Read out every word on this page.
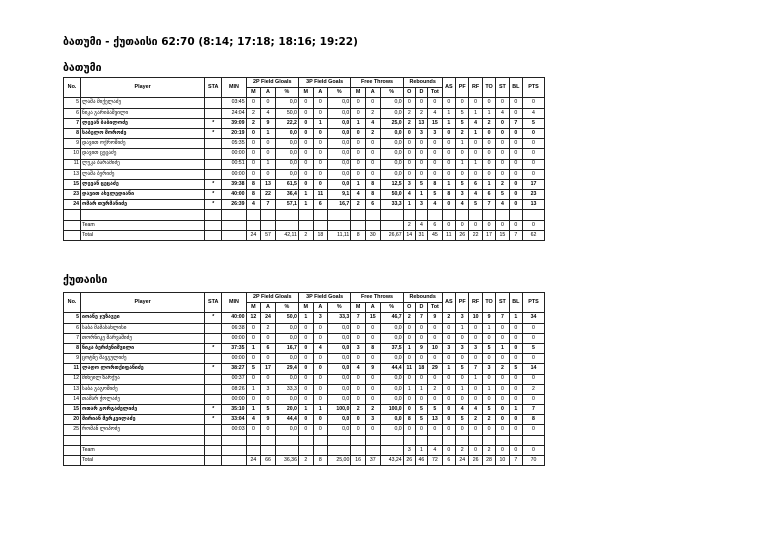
ბათუმი - ქუთაისი 62:70 (8:14; 17:18; 18:16; 19:22)
ბათუმი
No.	Player	STA	MIN	2P Field Gloals			3P Field Goals			Free Throws			Rebounds			AS	PF	RF	TO	ST	BL	PTS
				M	A	%	M	A	%	M	A	%	O	D	Tot							
5	ლაშა მიქელაძე		03:45	0	0	0,0	0	0	0,0	0	0	0,0	0	0	0	0	0	0	0	0	0	0
6	ნიკა გარიბაშვილი		24:04	2	4	50,0	0	0	0,0	0	2	0,0	2	2	4	1	5	1	1	4	0	4
7	ლევან ბაბილოძე	*	39:09	2	9	22,2	0	1	0,0	1	4	25,0	2	13	15	1	5	4	2	0	7	5
8	საბელო მოროძე	*	20:19	0	1	0,0	0	0	0,0	0	2	0,0	0	3	3	0	2	1	0	0	0	0
9	დავით ოქროშიძე		05:35	0	0	0,0	0	0	0,0	0	0	0,0	0	0	0	0	1	0	0	0	0	0
10	დავით ცეცაძე		00:00	0	0	0,0	0	0	0,0	0	0	0,0	0	0	0	0	0	0	0	0	0	0
11	ლუკა ბარამიძე		00:51	0	1	0,0	0	0	0,0	0	0	0,0	0	0	0	0	1	1	0	0	0	0
13	ლაშა ბერიძე		00:00	0	0	0,0	0	0	0,0	0	0	0,0	0	0	0	0	0	0	0	0	0	0
15	ლევან ცეცაძე	*	39:38	8	13	61,5	0	0	0,0	1	8	12,5	3	5	8	1	5	6	1	2	0	17
23	დავით ახვლედიანი	*	40:00	8	22	36,4	1	11	9,1	4	8	50,0	4	1	5	8	3	4	6	5	0	23
24	ომარ თურმანიძე	*	26:39	4	7	57,1	1	6	16,7	2	6	33,3	1	3	4	0	4	5	7	4	0	13

	Team												2	4	6	0	0	0	0	0	0	0
	Total			24	57	42,11	2	18	11,11	8	30	26,67	14	31	45	11	26	22	17	15	7	62
ქუთაისი
No.	Player	STA	MIN	2P Field Gloals			3P Field Goals			Free Throws			Rebounds			AS	PF	RF	TO	ST	BL	PTS
				M	A	%	M	A	%	M	A	%	O	D	Tot							
5	იოანე ჯუზავეი	*	40:00	12	24	50,0	1	3	33,3	7	15	46,7	2	7	9	2	3	10	9	7	1	34
6	საბა მამასახლისი		06:38	0	2	0,0	0	0	0,0	0	0	0,0	0	0	0	0	1	0	1	0	0	0
7	თორნიკე შარვაშიძე		00:00	0	0	0,0	0	0	0,0	0	0	0,0	0	0	0	0	0	0	0	0	0	0
8	ნიკა ბერძენიშვილი	*	37:35	1	6	16,7	0	4	0,0	3	8	37,5	1	9	10	3	3	3	5	1	0	5
9	ცოტნე შავგულიძე		00:00	0	0	0,0	0	0	0,0	0	0	0,0	0	0	0	0	0	0	0	0	0	0
11	ლადო ლორთქიფანიძე	*	38:27	5	17	29,4	0	0	0,0	4	9	44,4	11	18	29	1	5	7	3	2	5	14
12	მიხეილ ზარქუა		00:37	0	0	0,0	0	0	0,0	0	0	0,0	0	0	0	0	0	1	0	0	0	0
13	საბა გაგოშიძე		08:26	1	3	33,3	0	0	0,0	0	0	0,0	1	1	2	0	1	0	1	0	0	2
14	თამარ ჭოლაძე		00:00	0	0	0,0	0	0	0,0	0	0	0,0	0	0	0	0	0	0	0	0	0	0
15	ოთარ გორგაძელიძე	*	35:10	1	5	20,0	1	1	100,0	2	2	100,0	0	5	5	0	4	4	5	0	1	7
20	მირიან მერკვილაძე	*	33:04	4	9	44,4	0	0	0,0	0	3	0,0	8	5	13	0	5	2	2	0	0	8
25	რომან ლიპოძე		00:03	0	0	0,0	0	0	0,0	0	0	0,0	0	0	0	0	0	0	0	0	0	0

	Team												3	1	4	0	2	0	2	0	0	0
	Total			24	66	36,36	2	8	25,00	16	37	43,24	26	46	72	6	24	26	28	10	7	70
